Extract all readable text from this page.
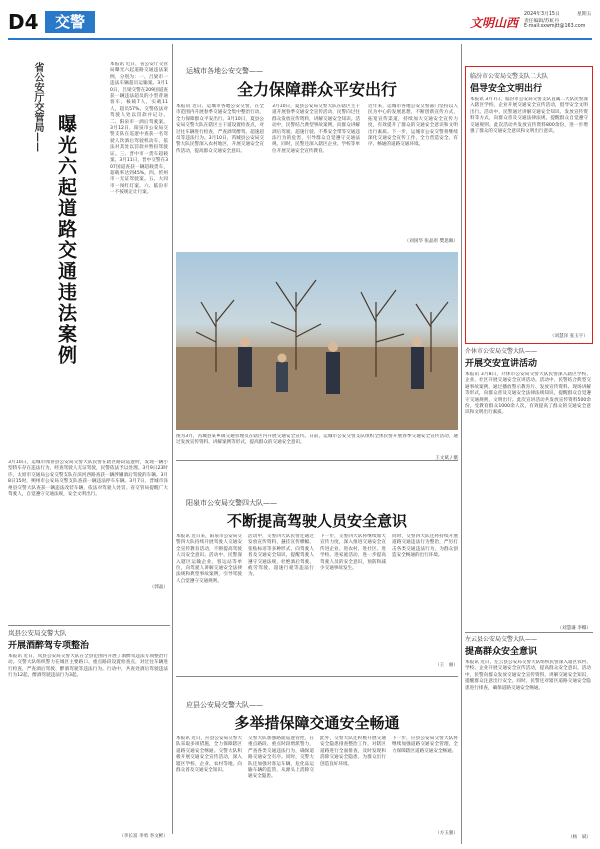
D4	交警	文明山西
2024年3月15日	星期五
责任编辑/苏虹丹
E-mail:sxwmjtt@163.com
省公安厅交管局——
曝光六起道路交通违法案例
本报讯 近日，省公安厅交管局曝光六起道路交通违法案例，分别为：一、吕梁市一违法车辆超员运输案。3月10日，吕梁交警在209国道查获一辆违法超员的小型普通客车，核载7人，实载11人，超员57%。交警依法对驾驶人处以罚款并记分。二、阳泉市一酒后驾驶案。3月12日，阳泉市公安局交警支队在巡逻中查获一名驾驶人饮酒后驾驶机动车，依法对其处以罚款并暂扣驾驶证。三、晋中市一货车超载案。3月11日，晋中交警在307国道查获一辆超载货车，超载率达到45%。四、忻州市一无证驾驶案。五、大同市一闯红灯案。六、临汾市一不按规定让行案。
3月10日，运城市闻喜县公安局交警大队民警在辖区路段巡逻时，发现一辆小型轿车存在违法行为，经查驾驶人无证驾驶，民警依法予以处理。3月9日23时许，太原市交通局公安交警支队在滨河西路查获一辆涉嫌酒后驾驶的车辆。3月8日15时，朔州市公安局交警支队查获一辆违法停车车辆。3月7日，晋城市泽州县交警大队查获一辆违法改装车辆，依法对驾驶人处罚。省交管局提醒广大驾驶人，自觉遵守交通法规，安全文明出行。
（郭晶）
运城市各地公安交警——
全力保障群众平安出行
本报讯 近日，运城市各地公安交警，在全市范围内开展春季交通安全集中整治行动，全力保障群众平安出行。3月10日，夏县公安局交警大队在辖区主干道设置检查点，对过往车辆进行检查，严查酒驾醉驾、超速超员等违法行为。3月10日，芮城县公安局交警大队民警深入农村地区，开展交通安全宣传活动，提高群众交通安全意识。
3月10日，夏县公安局交警大队在辖区主干道开展春季交通安全宣传活动，民警向过往群众发放宣传资料，讲解交通安全知识。活动中，民警结合典型事故案例，向群众讲解酒后驾驶、超速行驶、不系安全带等交通违法行为的危害，引导群众自觉遵守交通法规。同时，民警还深入辖区企业、学校等单位开展交通安全宣传教育。
近年来，运城市各地公安交警部门坚持以人民为中心的发展思想，不断创新宣传方式，拓宽宣传渠道，持续加大交通安全宣传力度，有效提升了群众的交通安全意识和文明出行素质。下一步，运城市公安交警将继续深化交通安全宣传工作，全力营造安全、有序、畅通的道路交通环境。
（刘国华 张晶彤 樊思佩）
图为3月，芮城县某乡镇交通管理员在辖区内开展交通安全宣传。日前，运城市公安交警支队组织全体民警开展春季交通安全宣传活动，通过发放宣传资料、讲解案例等形式，提高群众的交通安全意识。
王文斌 / 摄
阳泉市公安局交警四大队——
不断提高驾驶人员安全意识
本报讯 近日来，阳泉市公安局交警四大队持续开展驾驶人交通安全宣传教育活动，不断提高驾驶人员安全意识。活动中，民警深入辖区运输企业、客运站等单位，向驾驶人讲解交通安全法律法规和典型事故案例，引导驾驶人自觉遵守交通规则。
活动中，交警四大队民警还通过发放宣传资料、悬挂宣传横幅、张贴标语等多种形式，向驾驶人普及交通安全知识，提醒驾驶人遵守交通法规，杜绝酒后驾驶、疲劳驾驶、超速行驶等违法行为。
下一步，交警四大队将继续加大宣传力度，深入推进交通安全宣传进企业、进农村、进社区、进学校、进家庭活动，进一步提高驾驶人员的安全意识，预防和减少交通事故发生。
同时，交警四大队还将持续开展道路交通违法行为整治，严厉打击各类交通违法行为，为群众创造安全畅通的出行环境。
（王　丽）
应县公安局交警大队——
多举措保障交通安全畅通
本报讯 近日，应县公安局交警大队采取多项措施，全力保障辖区道路交通安全畅通。交警大队积极开展交通安全宣传活动，深入辖区学校、企业、农村等地，向群众普及交通安全知识。
交警大队加强路面巡逻管控，在重点路段、重点时段增派警力，严查各类交通违法行为，确保道路交通安全有序。同时，交警大队还加强对客运车辆、危化品运输车辆的监管，从源头上消除交通安全隐患。
此外，交警大队还积极开展交通安全隐患排查整治工作，对辖区道路进行全面排查，及时发现和消除交通安全隐患，为群众出行创造良好环境。
下一步，应县公安局交警大队将继续加强道路交通安全管理，全力保障辖区道路交通安全畅通。
（方玉强）
岚县公安局交警大队
开展酒醉驾专项整治
本报讯 近日，岚县公安局交警大队在全县范围内开展了酒醉驾违法专项整治行动。交警大队组织警力在城区主要路口、重点路段设置检查点，对过往车辆进行检查，严查酒后驾驶、醉酒驾驶等违法行为。行动中，共查处酒后驾驶违法行为12起，醉酒驾驶违法行为3起。
（李长富 李勇 李文彬）
临汾市公安局交警支队二大队
倡导安全文明出行
本报讯 3月7日，临汾市公安局交警支队直属二大队民警深入辖区学校、企业开展交通安全宣传活动，倡导安全文明出行。活动中，民警通过讲解交通安全知识、发放宣传资料等方式，向群众普及交通法律法规，提醒群众自觉遵守交通规则。此次活动共发放宣传资料800余份，进一步增强了群众的交通安全意识和文明出行意识。
（刘慧泽 张玉宇）
介休市公安局交警大队——
开展交安宣讲活动
本报讯 3月8日，介休市公安局交警大队民警深入辖区学校、企业、社区开展交通安全宣讲活动。活动中，民警结合典型交通事故案例，通过播放警示教育片、发放宣传资料、现场讲解等形式，向群众普及交通安全法律法规知识，提醒群众自觉遵守交通规则，文明出行。此次宣讲活动共发放宣传资料500余份，受教育群众1000余人次，有效提高了群众的交通安全意识和文明出行素质。
（刘慧谦 李娜）
左云县公安局交警大队——
提高群众安全意识
本报讯 近日，左云县公安局交警大队组织民警深入辖区农村、学校、企业开展交通安全宣传活动，提高群众安全意识。活动中，民警向群众发放交通安全宣传资料，讲解交通安全知识，提醒群众注意出行安全。同时，民警还对辖区道路交通安全隐患进行排查，确保道路交通安全畅通。
（杨　斌）
